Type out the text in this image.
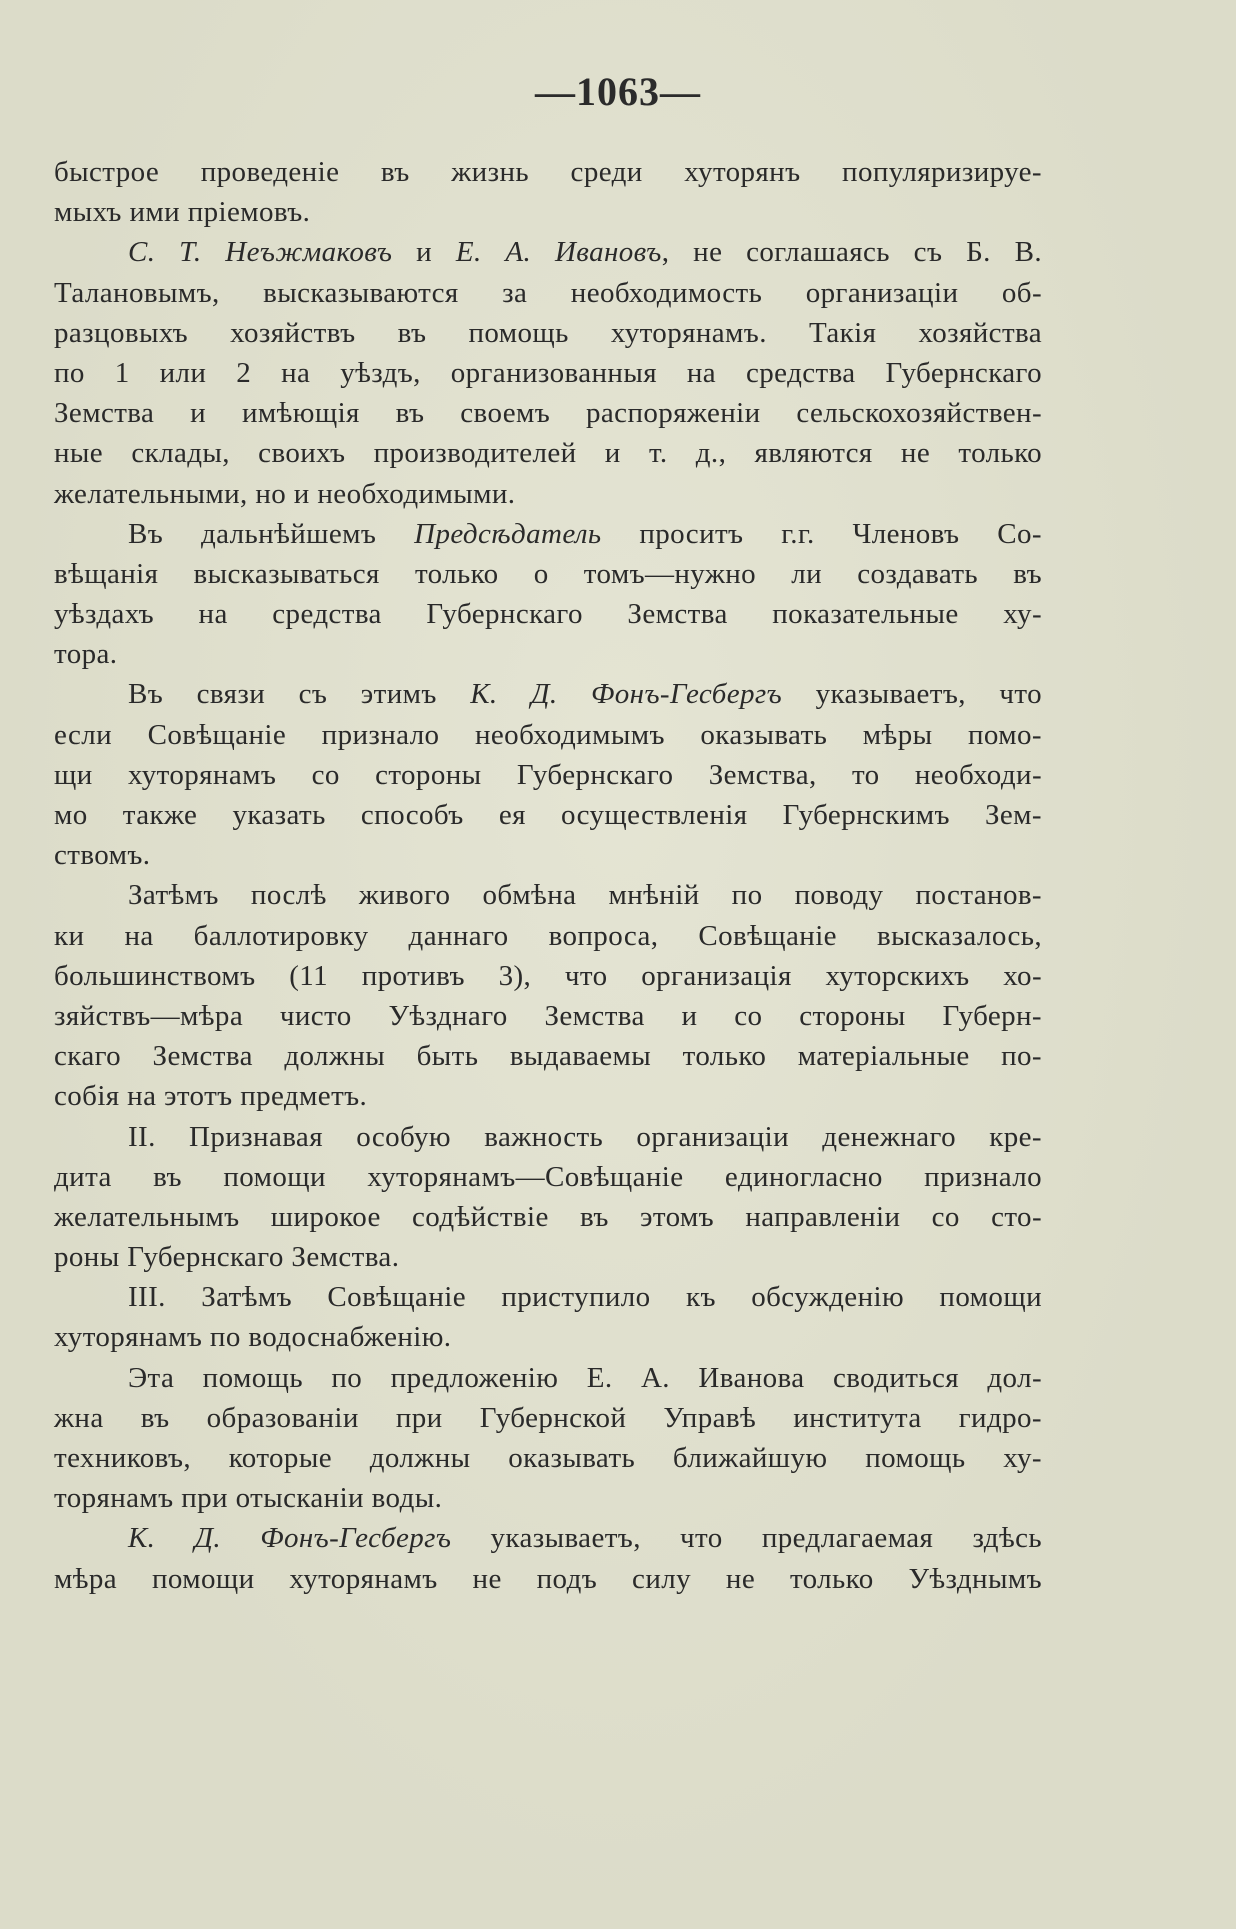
—1063—
быстрое проведеніе въ жизнь среди хуторянъ популяризируе-
мыхъ ими пріемовъ.
С. Т. Неъжмаковъ и Е. А. Ивановъ, не соглашаясь съ Б. В.
Талановымъ, высказываются за необходимость организаціи об-
разцовыхъ хозяйствъ въ помощь хуторянамъ. Такія хозяйства
по 1 или 2 на уѣздъ, организованныя на средства Губернскаго
Земства и имѣющія въ своемъ распоряженіи сельскохозяйствен-
ные склады, своихъ производителей и т. д., являются не только
желательными, но и необходимыми.
Въ дальнѣйшемъ Предсѣдатель проситъ г.г. Членовъ Со-
вѣщанія высказываться только о томъ—нужно ли создавать въ
уѣздахъ на средства Губернскаго Земства показательные ху-
тора.
Въ связи съ этимъ К. Д. Фонъ-Гесбергъ указываетъ, что
если Совѣщаніе признало необходимымъ оказывать мѣры помо-
щи хуторянамъ со стороны Губернскаго Земства, то необходи-
мо также указать способъ ея осуществленія Губернскимъ Зем-
ствомъ.
Затѣмъ послѣ живого обмѣна мнѣній по поводу постанов-
ки на баллотировку даннаго вопроса, Совѣщаніе высказалось,
большинствомъ (11 противъ 3), что организація хуторскихъ хо-
зяйствъ—мѣра чисто Уѣзднаго Земства и со стороны Губерн-
скаго Земства должны быть выдаваемы только матеріальные по-
собія на этотъ предметъ.
II. Признавая особую важность организаціи денежнаго кре-
дита въ помощи хуторянамъ—Совѣщаніе единогласно признало
желательнымъ широкое содѣйствіе въ этомъ направленіи со сто-
роны Губернскаго Земства.
III. Затѣмъ Совѣщаніе приступило къ обсужденію помощи
хуторянамъ по водоснабженію.
Эта помощь по предложенію Е. А. Иванова сводиться дол-
жна въ образованіи при Губернской Управѣ института гидро-
техниковъ, которые должны оказывать ближайшую помощь ху-
торянамъ при отысканіи воды.
К. Д. Фонъ-Гесбергъ указываетъ, что предлагаемая здѣсь
мѣра помощи хуторянамъ не подъ силу не только Уѣзднымъ
